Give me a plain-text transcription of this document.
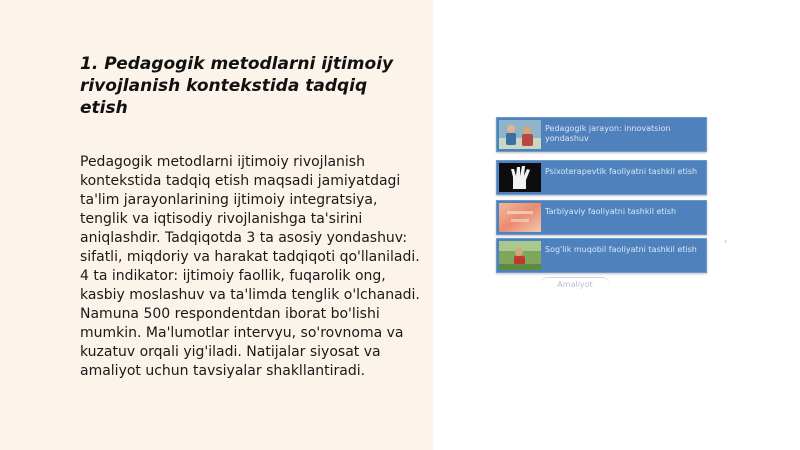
1. Pedagogik metodlarni ijtimoiy rivojlanish kontekstida tadqiq etish
Pedagogik metodlarni ijtimoiy rivojlanish kontekstida tadqiq etish maqsadi jamiyatdagi ta'lim jarayonlarining ijtimoiy integratsiya, tenglik va iqtisodiy rivojlanishga ta'sirini aniqlashdir. Tadqiqotda 3 ta asosiy yondashuv: sifatli, miqdoriy va harakat tadqiqoti qo'llaniladi. 4 ta indikator: ijtimoiy faollik, fuqarolik ong, kasbiy moslashuv va ta'limda tenglik o'lchanadi. Namuna 500 respondentdan iborat bo'lishi mumkin. Ma'lumotlar intervyu, so'rovnoma va kuzatuv orqali yig'iladi. Natijalar siyosat va amaliyot uchun tavsiyalar shakllantiradi.
Pedagogik jarayon: innovatsion yondashuv
Psixoterapevtik faoliyatni tashkil etish
Tarbiyaviy faoliyatni tashkil etish
Sog'lik muqobil faoliyatni tashkil etish
Amaliyot
